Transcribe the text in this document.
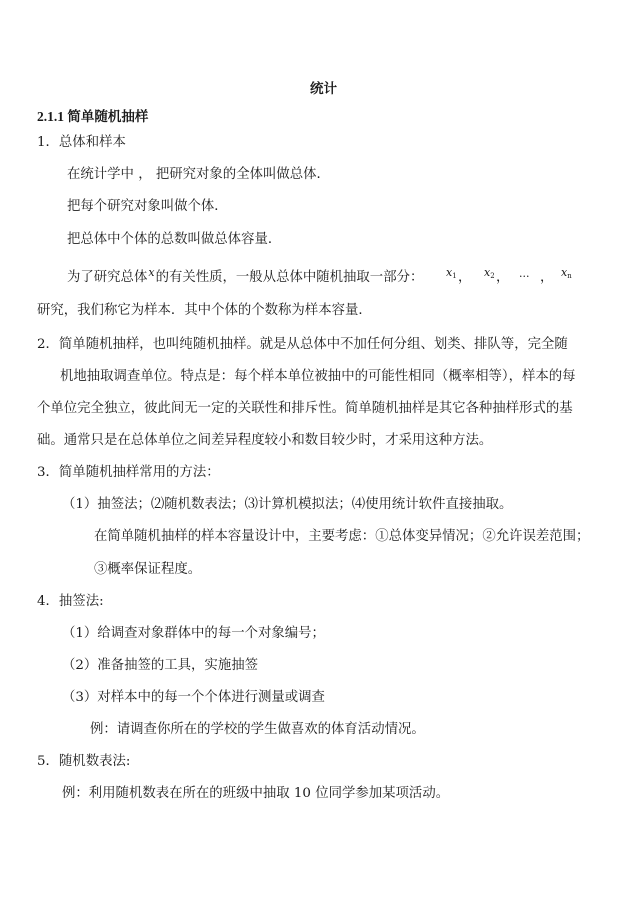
统计
2.1.1 简单随机抽样
1．总体和样本
在统计学中 ， 把研究对象的全体叫做总体．
把每个研究对象叫做个体．
把总体中个体的总数叫做总体容量．
为了研究总体x的有关性质，一般从总体中随机抽取一部分： $x_1$ ， $x_2$ ， ··· ， $x_n$
研究，我们称它为样本．其中个体的个数称为样本容量．
2．简单随机抽样，也叫纯随机抽样。就是从总体中不加任何分组、划类、排队等，完全随
机地抽取调查单位。特点是：每个样本单位被抽中的可能性相同（概率相等），样本的每
个单位完全独立，彼此间无一定的关联性和排斥性。简单随机抽样是其它各种抽样形式的基
础。通常只是在总体单位之间差异程度较小和数目较少时，才采用这种方法。
3．简单随机抽样常用的方法：
（1）抽签法；⑵随机数表法；⑶计算机模拟法；⑷使用统计软件直接抽取。
在简单随机抽样的样本容量设计中，主要考虑：①总体变异情况；②允许误差范围；
③概率保证程度。
4．抽签法:
（1）给调查对象群体中的每一个对象编号；
（2）准备抽签的工具，实施抽签
（3）对样本中的每一个个体进行测量或调查
例：请调查你所在的学校的学生做喜欢的体育活动情况。
5．随机数表法:
例：利用随机数表在所在的班级中抽取 10 位同学参加某项活动。
